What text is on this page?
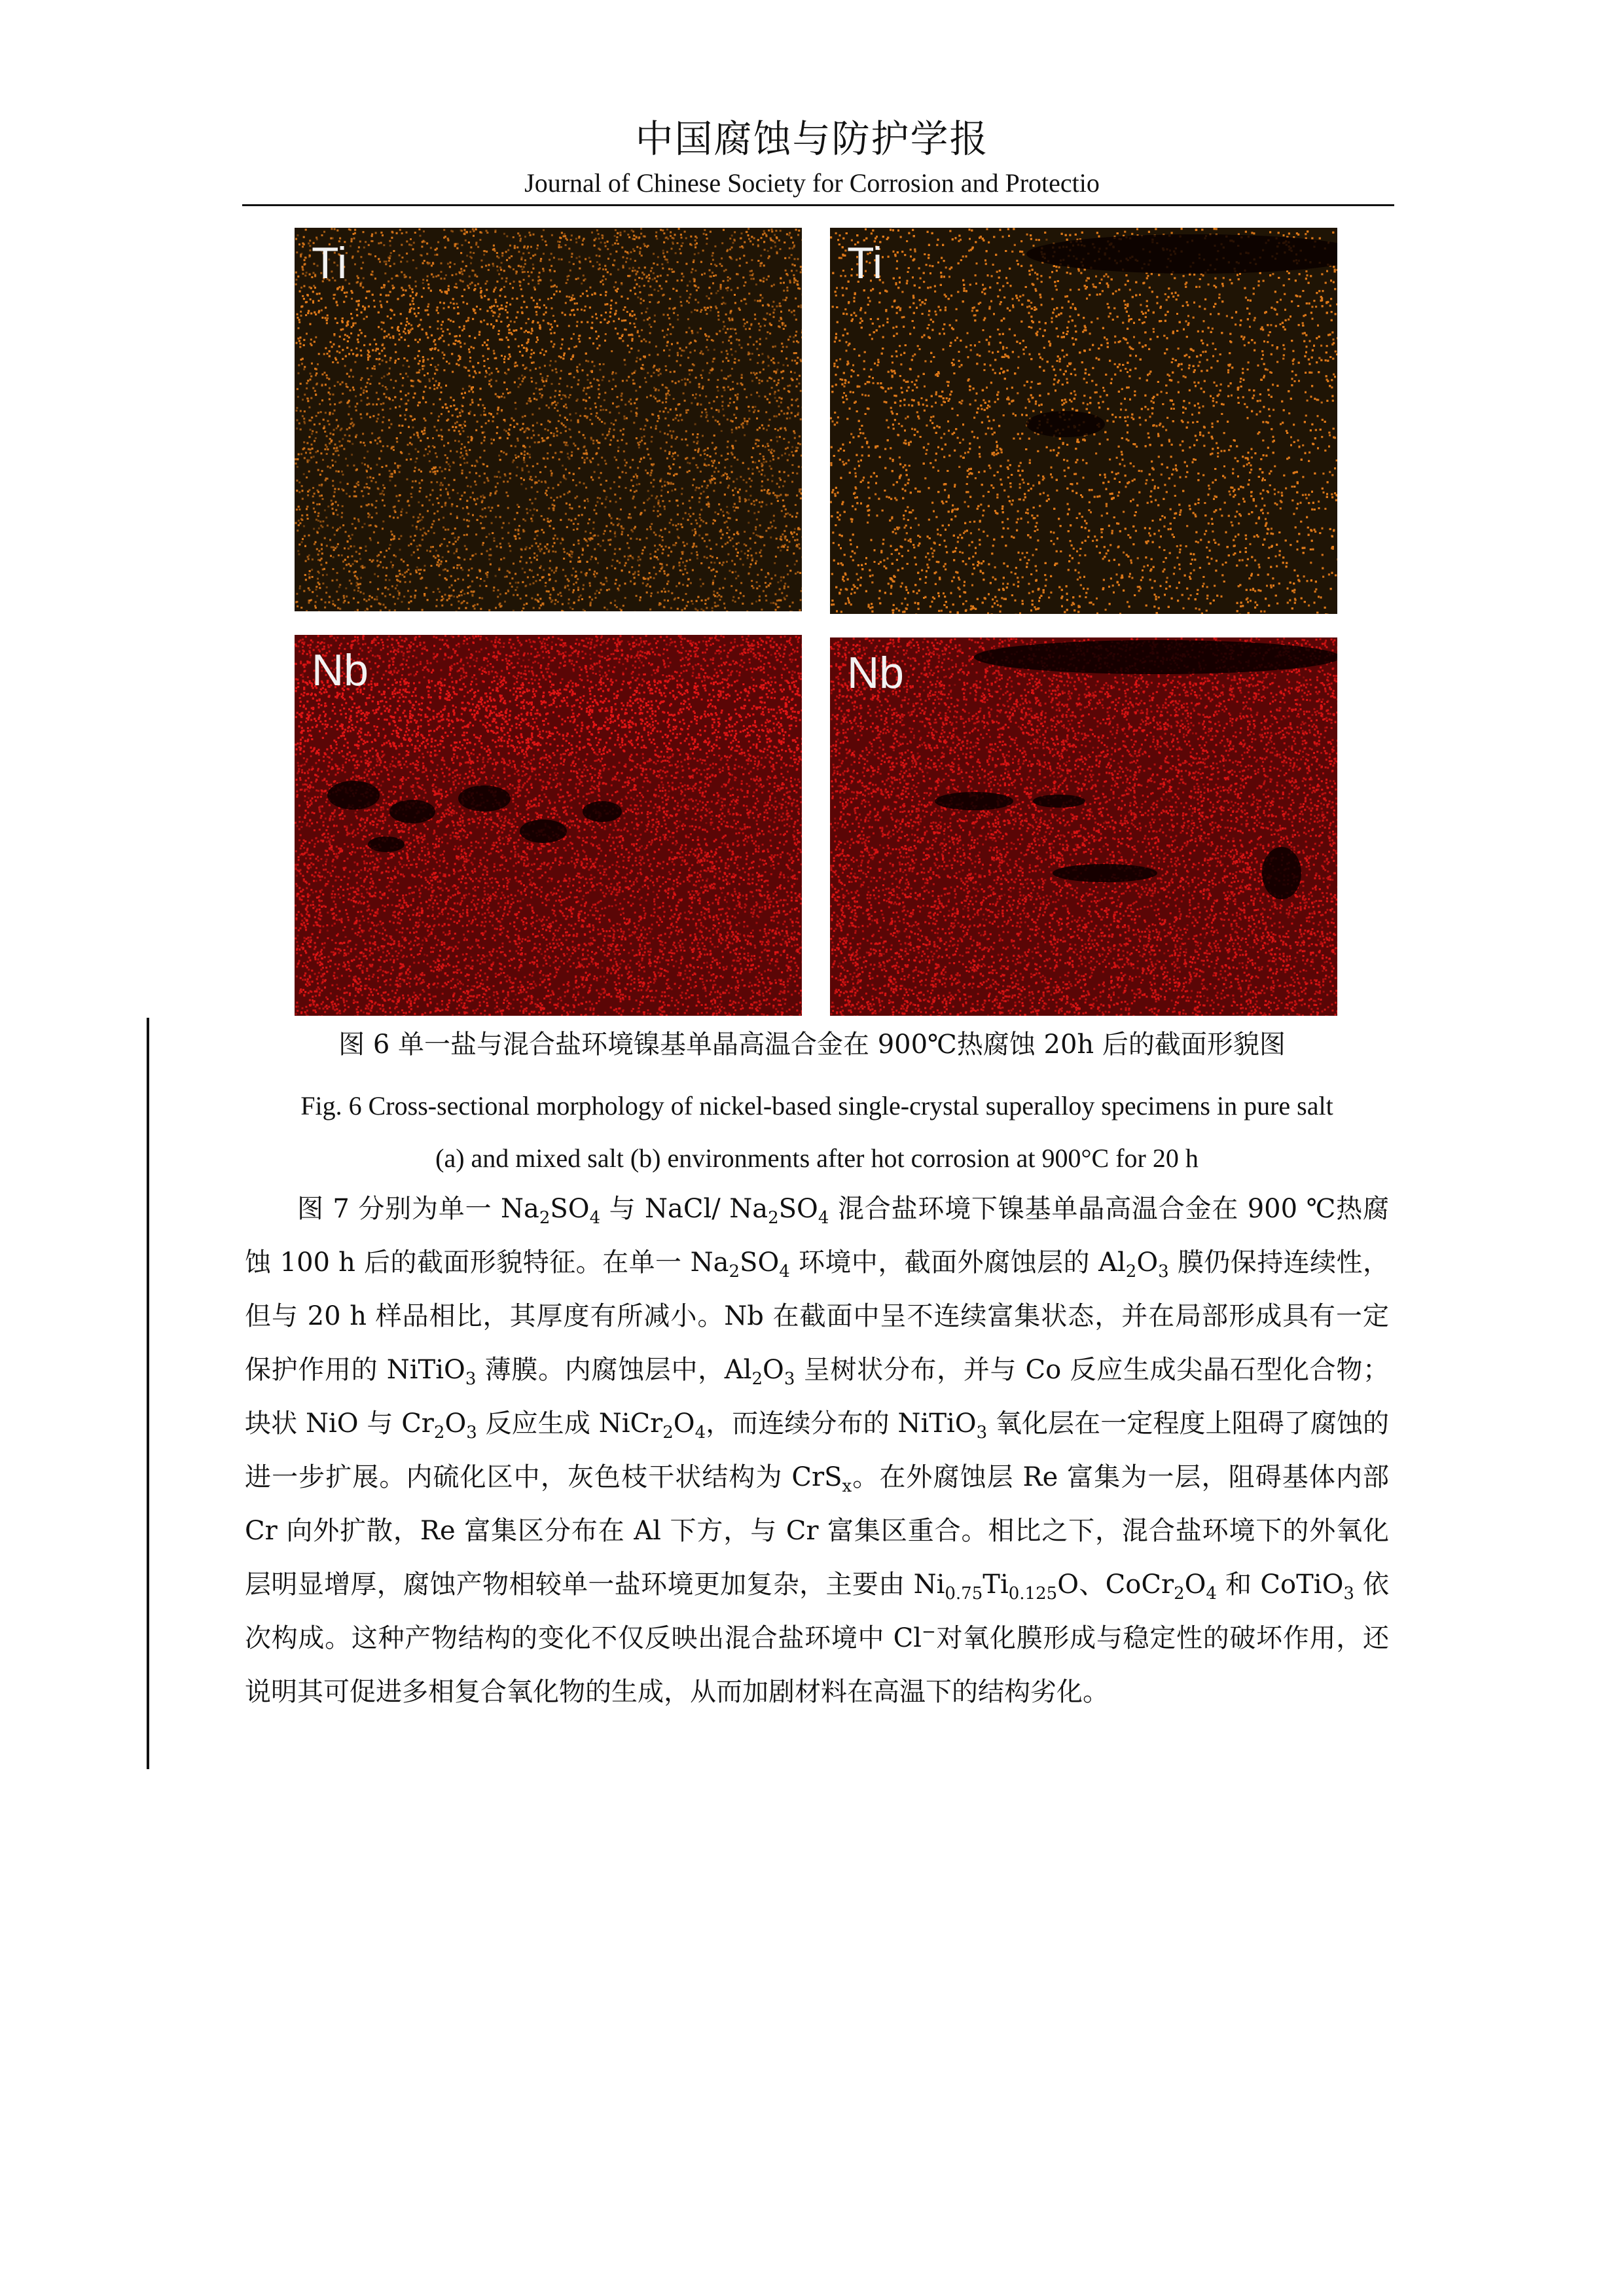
中国腐蚀与防护学报
Journal of Chinese Society for Corrosion and Protectio
Ti	Ti
Nb	Nb
图 6 单一盐与混合盐环境镍基单晶高温合金在 900℃热腐蚀 20h 后的截面形貌图
Fig. 6 Cross-sectional morphology of nickel-based single-crystal superalloy specimens in pure salt
(a) and mixed salt (b) environments after hot corrosion at 900°C for 20 h
图 7 分别为单一 $Na_2SO_4$ 与 NaCl/ $Na_2SO_4$ 混合盐环境下镍基单晶高温合金在 900 ℃热腐蚀 100 h 后的截面形貌特征。在单一 $Na_2SO_4$ 环境中，截面外腐蚀层的 $Al_2O_3$ 膜仍保持连续性，但与 20 h 样品相比，其厚度有所减小。Nb 在截面中呈不连续富集状态，并在局部形成具有一定保护作用的 NiTiO$_3$ 薄膜。内腐蚀层中，$Al_2O_3$ 呈树状分布，并与 Co 反应生成尖晶石型化合物；块状 NiO 与 $Cr_2O_3$ 反应生成 $NiCr_2O_4$，而连续分布的 NiTiO$_3$ 氧化层在一定程度上阻碍了腐蚀的进一步扩展。内硫化区中，灰色枝干状结构为 CrS$_x$。在外腐蚀层 Re 富集为一层，阻碍基体内部 Cr 向外扩散，Re 富集区分布在 Al 下方，与 Cr 富集区重合。相比之下，混合盐环境下的外氧化层明显增厚，腐蚀产物相较单一盐环境更加复杂，主要由 $Ni_{0.75}Ti_{0.125}O$、$CoCr_2O_4$ 和 CoTiO$_3$ 依次构成。这种产物结构的变化不仅反映出混合盐环境中 Cl−对氧化膜形成与稳定性的破坏作用，还说明其可促进多相复合氧化物的生成，从而加剧材料在高温下的结构劣化。
